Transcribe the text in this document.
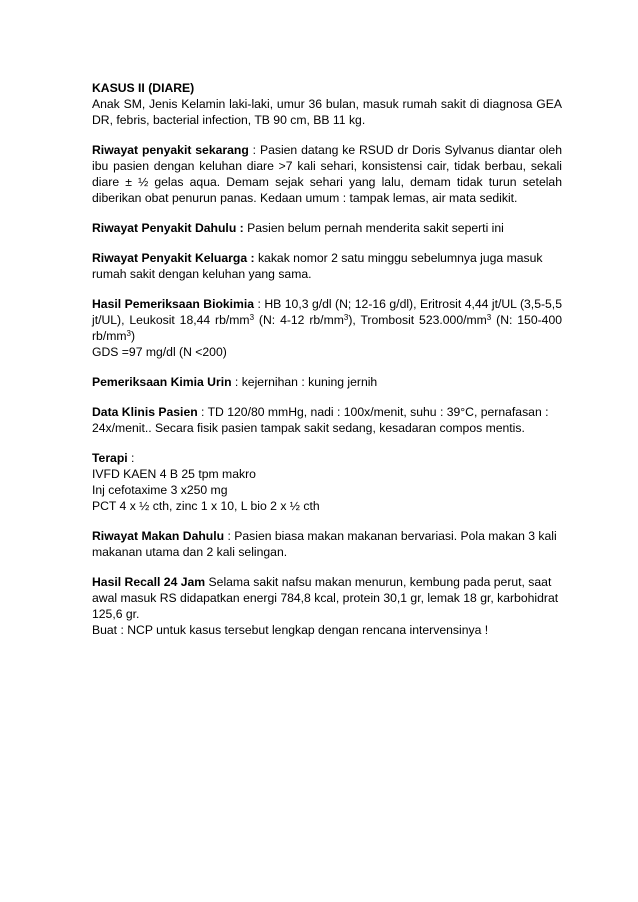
KASUS II (DIARE)

Anak SM, Jenis Kelamin laki-laki, umur 36 bulan, masuk rumah sakit di diagnosa GEA DR, febris, bacterial infection, TB 90 cm, BB 11 kg.

Riwayat penyakit sekarang : Pasien datang ke RSUD dr Doris Sylvanus diantar oleh ibu pasien dengan keluhan diare >7 kali sehari, konsistensi cair, tidak berbau, sekali diare ± ½ gelas aqua. Demam sejak sehari yang lalu, demam tidak turun setelah diberikan obat penurun panas. Kedaan umum : tampak lemas, air mata sedikit.

Riwayat Penyakit Dahulu : Pasien belum pernah menderita sakit seperti ini

Riwayat Penyakit Keluarga : kakak nomor 2 satu minggu sebelumnya juga masuk rumah sakit dengan keluhan yang sama.

Hasil Pemeriksaan Biokimia : HB 10,3 g/dl (N; 12-16 g/dl), Eritrosit 4,44 jt/UL (3,5-5,5 jt/UL), Leukosit 18,44 $rb/mm^3$ (N: 4-12 $rb/mm^3$), Trombosit $523.000/mm^3$ (N: 150-400 $rb/mm^3$)

GDS =97 mg/dl (N <200)

Pemeriksaan Kimia Urin : kejernihan : kuning jernih

Data Klinis Pasien : TD 120/80 mmHg, nadi : 100x/menit, suhu : 39°C, pernafasan : 24x/menit.. Secara fisik pasien tampak sakit sedang, kesadaran compos mentis.

Terapi :

IVFD KAEN 4 B 25 tpm makro

Inj cefotaxime 3 x250 mg

PCT 4 x ½ cth, zinc 1 x 10, L bio 2 x ½ cth

Riwayat Makan Dahulu : Pasien biasa makan makanan bervariasi. Pola makan 3 kali makanan utama dan 2 kali selingan.

Hasil Recall 24 Jam Selama sakit nafsu makan menurun, kembung pada perut, saat awal masuk RS didapatkan energi 784,8 kcal, protein 30,1 gr, lemak 18 gr, karbohidrat 125,6 gr.

Buat : NCP untuk kasus tersebut lengkap dengan rencana intervensinya !
